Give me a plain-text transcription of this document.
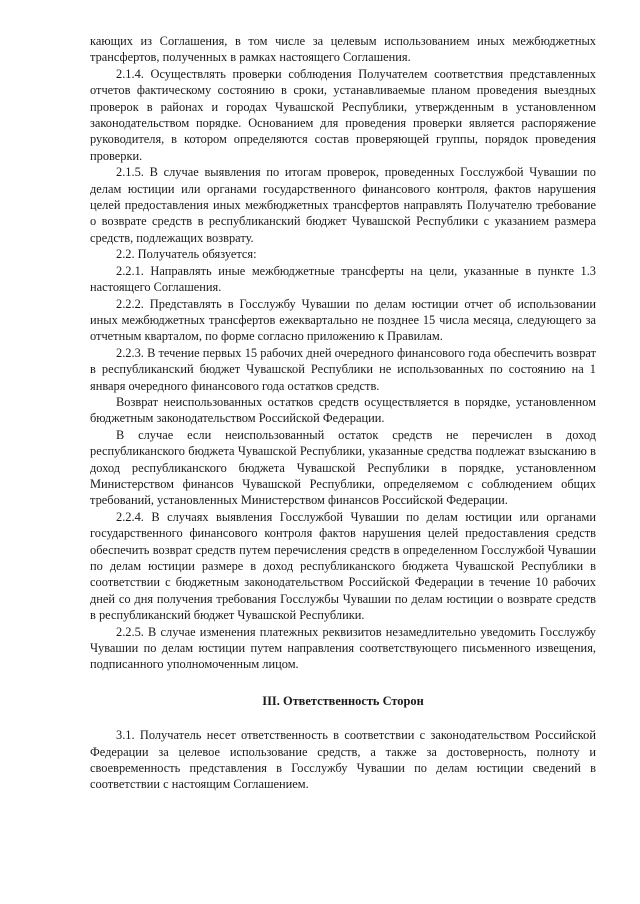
кающих из Соглашения, в том числе за целевым использованием иных межбюджетных трансфертов, полученных в рамках настоящего Соглашения.

2.1.4. Осуществлять проверки соблюдения Получателем соответствия представленных отчетов фактическому состоянию в сроки, устанавливаемые планом проведения выездных проверок в районах и городах Чувашской Республики, утвержденным в установленном законодательством порядке. Основанием для проведения проверки является распоряжение руководителя, в котором определяются состав проверяющей группы, порядок проведения проверки.

2.1.5. В случае выявления по итогам проверок, проведенных Госслужбой Чувашии по делам юстиции или органами государственного финансового контроля, фактов нарушения целей предоставления иных межбюджетных трансфертов направлять Получателю требование о возврате средств в республиканский бюджет Чувашской Республики с указанием размера средств, подлежащих возврату.

2.2. Получатель обязуется:

2.2.1. Направлять иные межбюджетные трансферты на цели, указанные в пункте 1.3 настоящего Соглашения.

2.2.2. Представлять в Госслужбу Чувашии по делам юстиции отчет об использовании иных межбюджетных трансфертов ежеквартально не позднее 15 числа месяца, следующего за отчетным кварталом, по форме согласно приложению к Правилам.

2.2.3. В течение первых 15 рабочих дней очередного финансового года обеспечить возврат в республиканский бюджет Чувашской Республики не использованных по состоянию на 1 января очередного финансового года остатков средств.

Возврат неиспользованных остатков средств осуществляется в порядке, установленном бюджетным законодательством Российской Федерации.

В случае если неиспользованный остаток средств не перечислен в доход республиканского бюджета Чувашской Республики, указанные средства подлежат взысканию в доход республиканского бюджета Чувашской Республики в порядке, установленном Министерством финансов Чувашской Республики, определяемом с соблюдением общих требований, установленных Министерством финансов Российской Федерации.

2.2.4. В случаях выявления Госслужбой Чувашии по делам юстиции или органами государственного финансового контроля фактов нарушения целей предоставления средств обеспечить возврат средств путем перечисления средств в определенном Госслужбой Чувашии по делам юстиции размере в доход республиканского бюджета Чувашской Республики в соответствии с бюджетным законодательством Российской Федерации в течение 10 рабочих дней со дня получения требования Госслужбы Чувашии по делам юстиции о возврате средств в республиканский бюджет Чувашской Республики.

2.2.5. В случае изменения платежных реквизитов незамедлительно уведомить Госслужбу Чувашии по делам юстиции путем направления соответствующего письменного извещения, подписанного уполномоченным лицом.

III. Ответственность Сторон

3.1. Получатель несет ответственность в соответствии с законодательством Российской Федерации за целевое использование средств, а также за достоверность, полноту и своевременность представления в Госслужбу Чувашии по делам юстиции сведений в соответствии с настоящим Соглашением.
